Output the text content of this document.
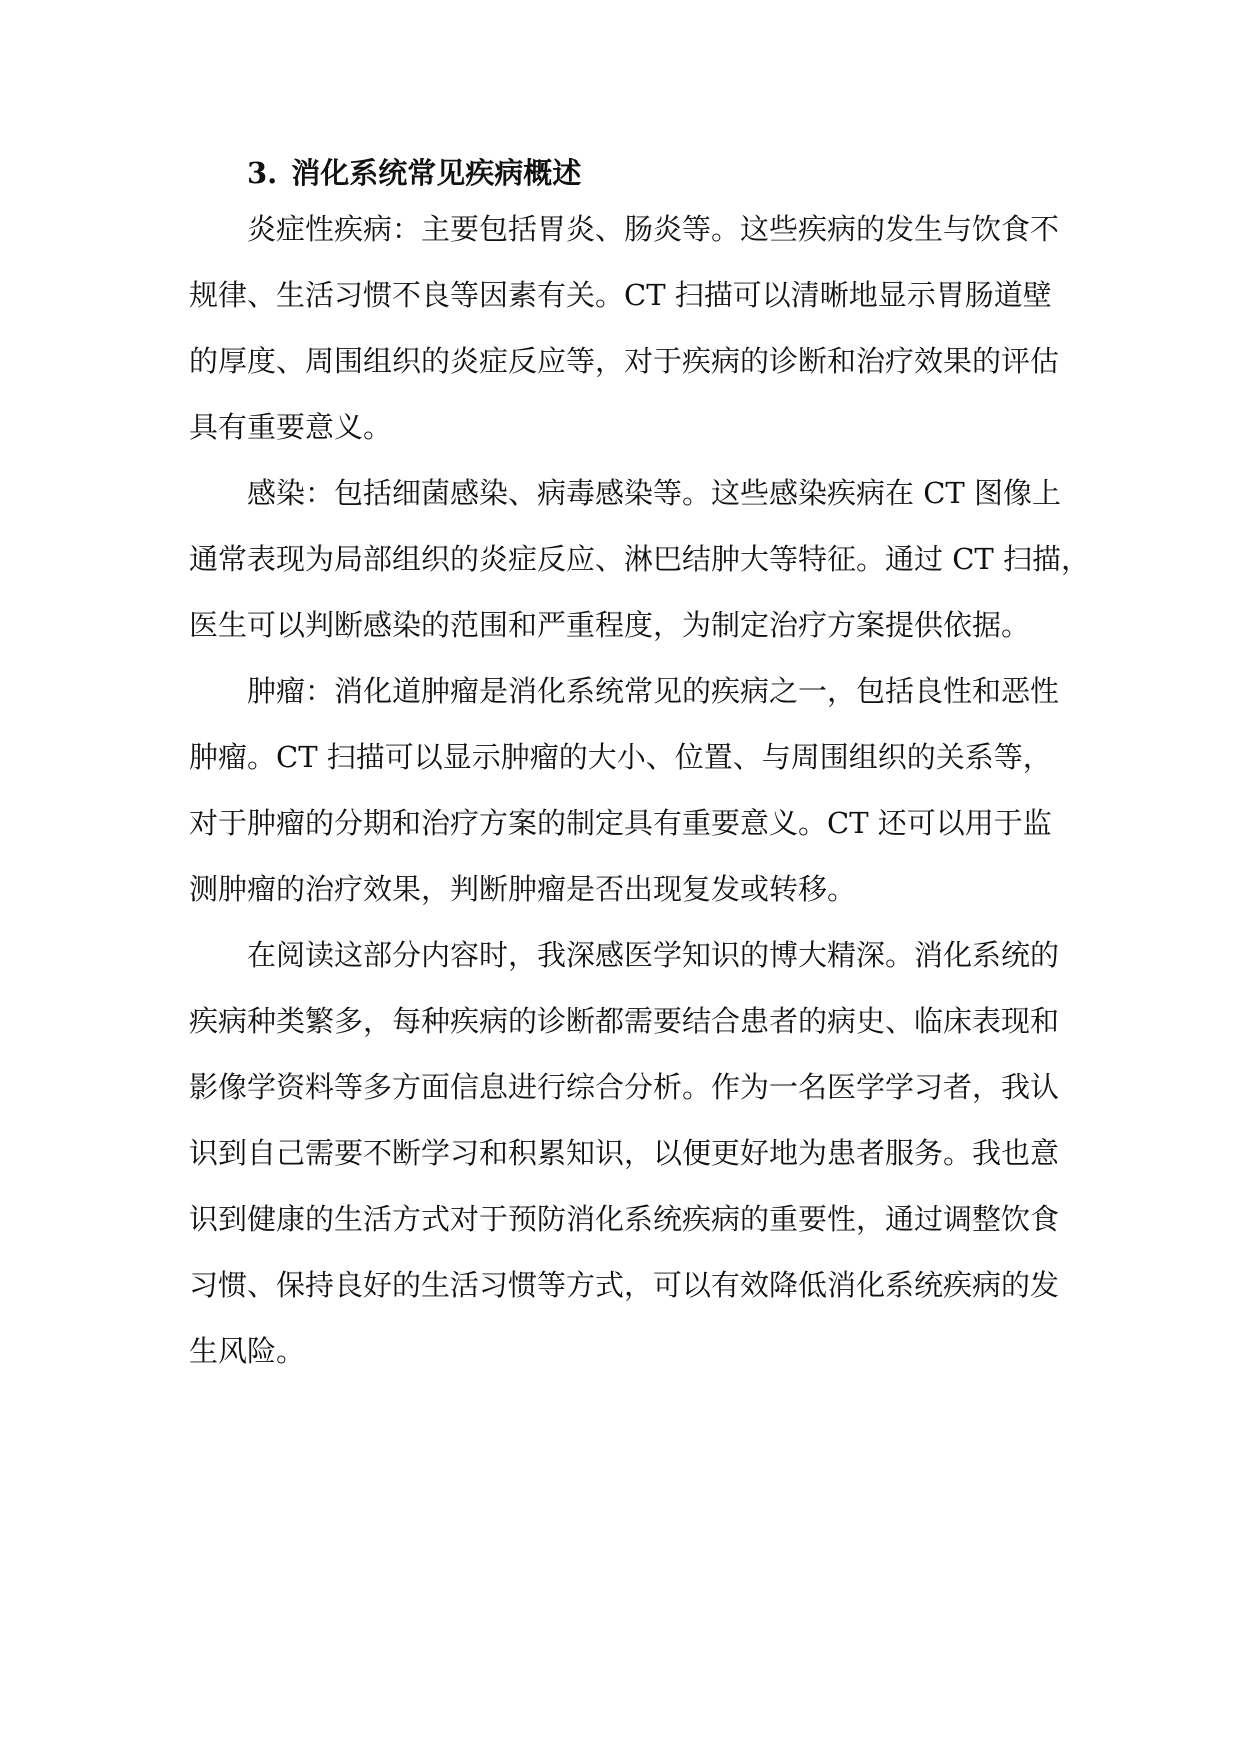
3. 消化系统常见疾病概述

炎症性疾病：主要包括胃炎、肠炎等。这些疾病的发生与饮食不

规律、生活习惯不良等因素有关。CT 扫描可以清晰地显示胃肠道壁

的厚度、周围组织的炎症反应等，对于疾病的诊断和治疗效果的评估

具有重要意义。

感染：包括细菌感染、病毒感染等。这些感染疾病在 CT 图像上

通常表现为局部组织的炎症反应、淋巴结肿大等特征。通过 CT 扫描，

医生可以判断感染的范围和严重程度，为制定治疗方案提供依据。

肿瘤：消化道肿瘤是消化系统常见的疾病之一，包括良性和恶性

肿瘤。CT 扫描可以显示肿瘤的大小、位置、与周围组织的关系等，

对于肿瘤的分期和治疗方案的制定具有重要意义。CT 还可以用于监

测肿瘤的治疗效果，判断肿瘤是否出现复发或转移。

在阅读这部分内容时，我深感医学知识的博大精深。消化系统的

疾病种类繁多，每种疾病的诊断都需要结合患者的病史、临床表现和

影像学资料等多方面信息进行综合分析。作为一名医学学习者，我认

识到自己需要不断学习和积累知识，以便更好地为患者服务。我也意

识到健康的生活方式对于预防消化系统疾病的重要性，通过调整饮食

习惯、保持良好的生活习惯等方式，可以有效降低消化系统疾病的发

生风险。
